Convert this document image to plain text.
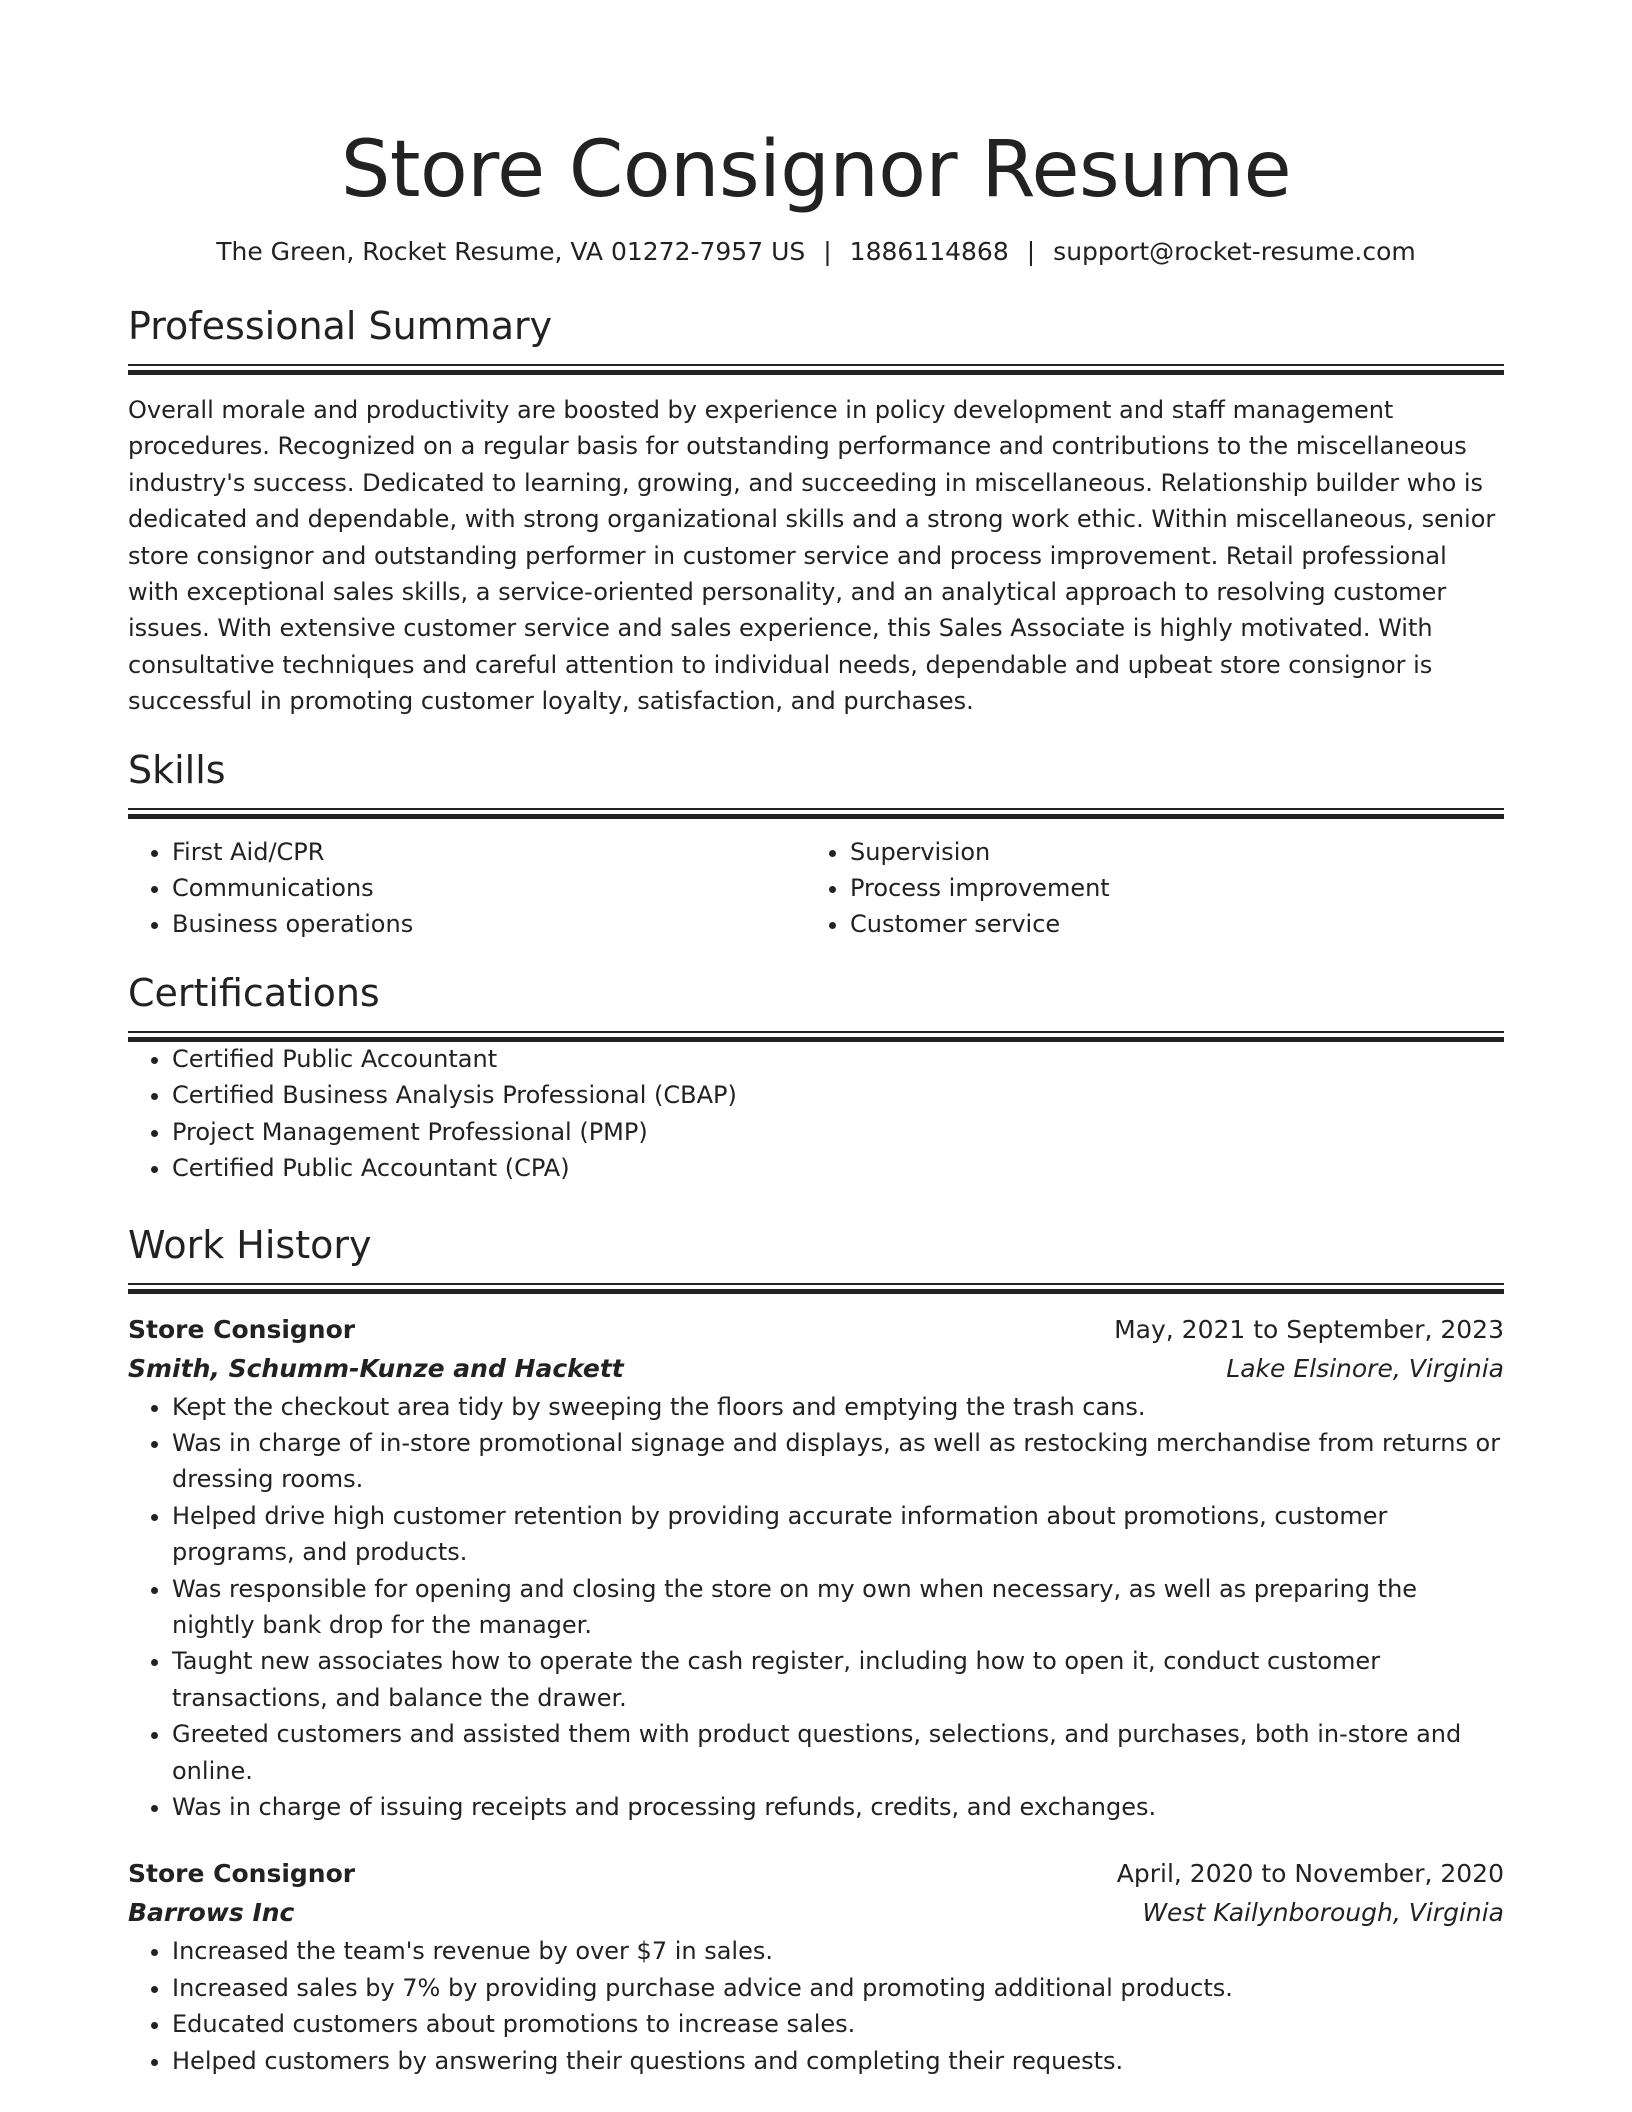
Store Consignor Resume
The Green, Rocket Resume, VA 01272-7957 US | 1886114868 | support@rocket-resume.com
Professional Summary

Overall morale and productivity are boosted by experience in policy development and staff management procedures. Recognized on a regular basis for outstanding performance and contributions to the miscellaneous industry's success. Dedicated to learning, growing, and succeeding in miscellaneous. Relationship builder who is dedicated and dependable, with strong organizational skills and a strong work ethic. Within miscellaneous, senior store consignor and outstanding performer in customer service and process improvement. Retail professional with exceptional sales skills, a service-oriented personality, and an analytical approach to resolving customer issues. With extensive customer service and sales experience, this Sales Associate is highly motivated. With consultative techniques and careful attention to individual needs, dependable and upbeat store consignor is successful in promoting customer loyalty, satisfaction, and purchases.

Skills
• First Aid/CPR
• Communications
• Business operations
• Supervision
• Process improvement
• Customer service
Certifications
• Certified Public Accountant
• Certified Business Analysis Professional (CBAP)
• Project Management Professional (PMP)
• Certified Public Accountant (CPA)
Work History
Store Consignor	May, 2021 to September, 2023
Smith, Schumm-Kunze and Hackett	Lake Elsinore, Virginia
• Kept the checkout area tidy by sweeping the floors and emptying the trash cans.
• Was in charge of in-store promotional signage and displays, as well as restocking merchandise from returns or dressing rooms.
• Helped drive high customer retention by providing accurate information about promotions, customer programs, and products.
• Was responsible for opening and closing the store on my own when necessary, as well as preparing the nightly bank drop for the manager.
• Taught new associates how to operate the cash register, including how to open it, conduct customer transactions, and balance the drawer.
• Greeted customers and assisted them with product questions, selections, and purchases, both in-store and online.
• Was in charge of issuing receipts and processing refunds, credits, and exchanges.
Store Consignor	April, 2020 to November, 2020
Barrows Inc	West Kailynborough, Virginia
• Increased the team's revenue by over $7 in sales.
• Increased sales by 7% by providing purchase advice and promoting additional products.
• Educated customers about promotions to increase sales.
• Helped customers by answering their questions and completing their requests.
